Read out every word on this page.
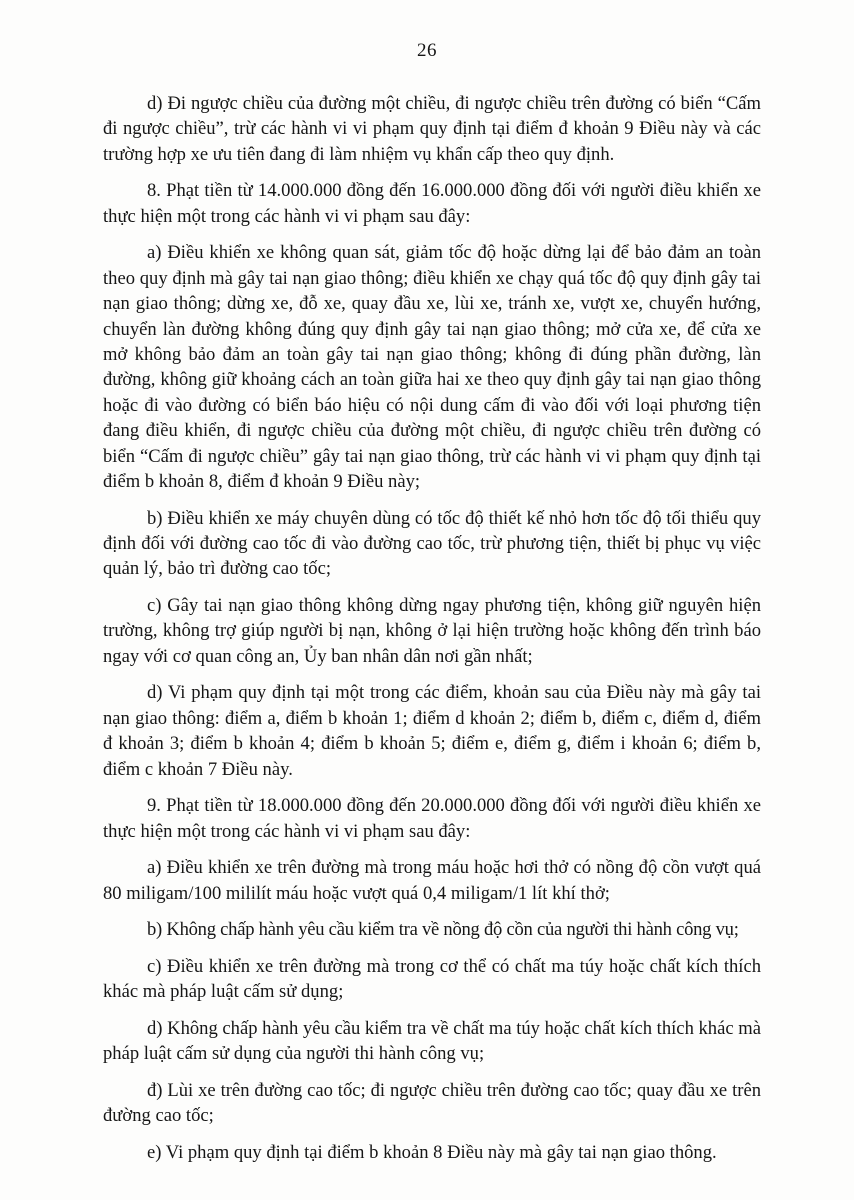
26

d) Đi ngược chiều của đường một chiều, đi ngược chiều trên đường có biển “Cấm đi ngược chiều”, trừ các hành vi vi phạm quy định tại điểm đ khoản 9 Điều này và các trường hợp xe ưu tiên đang đi làm nhiệm vụ khẩn cấp theo quy định.

8. Phạt tiền từ 14.000.000 đồng đến 16.000.000 đồng đối với người điều khiển xe thực hiện một trong các hành vi vi phạm sau đây:

a) Điều khiển xe không quan sát, giảm tốc độ hoặc dừng lại để bảo đảm an toàn theo quy định mà gây tai nạn giao thông; điều khiển xe chạy quá tốc độ quy định gây tai nạn giao thông; dừng xe, đỗ xe, quay đầu xe, lùi xe, tránh xe, vượt xe, chuyển hướng, chuyển làn đường không đúng quy định gây tai nạn giao thông; mở cửa xe, để cửa xe mở không bảo đảm an toàn gây tai nạn giao thông; không đi đúng phần đường, làn đường, không giữ khoảng cách an toàn giữa hai xe theo quy định gây tai nạn giao thông hoặc đi vào đường có biển báo hiệu có nội dung cấm đi vào đối với loại phương tiện đang điều khiển, đi ngược chiều của đường một chiều, đi ngược chiều trên đường có biển “Cấm đi ngược chiều” gây tai nạn giao thông, trừ các hành vi vi phạm quy định tại điểm b khoản 8, điểm đ khoản 9 Điều này;

b) Điều khiển xe máy chuyên dùng có tốc độ thiết kế nhỏ hơn tốc độ tối thiểu quy định đối với đường cao tốc đi vào đường cao tốc, trừ phương tiện, thiết bị phục vụ việc quản lý, bảo trì đường cao tốc;

c) Gây tai nạn giao thông không dừng ngay phương tiện, không giữ nguyên hiện trường, không trợ giúp người bị nạn, không ở lại hiện trường hoặc không đến trình báo ngay với cơ quan công an, Ủy ban nhân dân nơi gần nhất;

d) Vi phạm quy định tại một trong các điểm, khoản sau của Điều này mà gây tai nạn giao thông: điểm a, điểm b khoản 1; điểm d khoản 2; điểm b, điểm c, điểm d, điểm đ khoản 3; điểm b khoản 4; điểm b khoản 5; điểm e, điểm g, điểm i khoản 6; điểm b, điểm c khoản 7 Điều này.

9. Phạt tiền từ 18.000.000 đồng đến 20.000.000 đồng đối với người điều khiển xe thực hiện một trong các hành vi vi phạm sau đây:

a) Điều khiển xe trên đường mà trong máu hoặc hơi thở có nồng độ cồn vượt quá 80 miligam/100 mililít máu hoặc vượt quá 0,4 miligam/1 lít khí thở;

b) Không chấp hành yêu cầu kiểm tra về nồng độ cồn của người thi hành công vụ;

c) Điều khiển xe trên đường mà trong cơ thể có chất ma túy hoặc chất kích thích khác mà pháp luật cấm sử dụng;

d) Không chấp hành yêu cầu kiểm tra về chất ma túy hoặc chất kích thích khác mà pháp luật cấm sử dụng của người thi hành công vụ;

đ) Lùi xe trên đường cao tốc; đi ngược chiều trên đường cao tốc; quay đầu xe trên đường cao tốc;

e) Vi phạm quy định tại điểm b khoản 8 Điều này mà gây tai nạn giao thông.
